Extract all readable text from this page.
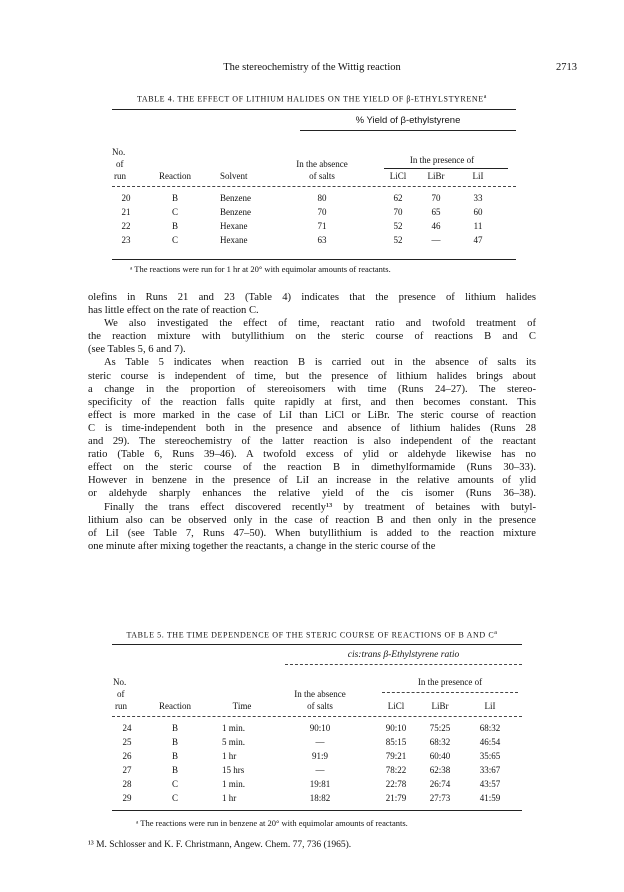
The stereochemistry of the Wittig reaction	2713
TABLE 4. THE EFFECT OF LITHIUM HALIDES ON THE YIELD OF β-ETHYLSTYRENE$^a$
% Yield of β-ethylstyrene
No.
of
run	Reaction	Solvent
In the absence
of salts
In the presence of
LiCl	LiBr	LiI
20	B	Benzene	80	62	70	33
21	C	Benzene	70	70	65	60
22	B	Hexane	71	52	46	11
23	C	Hexane	63	52	—	47
ᵃ The reactions were run for 1 hr at 20° with equimolar amounts of reactants.
olefins in Runs 21 and 23 (Table 4) indicates that the presence of lithium halides
has little effect on the rate of reaction C.
We also investigated the effect of time, reactant ratio and twofold treatment of
the reaction mixture with butyllithium on the steric course of reactions B and C
(see Tables 5, 6 and 7).
As Table 5 indicates when reaction B is carried out in the absence of salts its
steric course is independent of time, but the presence of lithium halides brings about
a change in the proportion of stereoisomers with time (Runs 24–27). The stereo-
specificity of the reaction falls quite rapidly at first, and then becomes constant. This
effect is more marked in the case of LiI than LiCl or LiBr. The steric course of reaction
C is time-independent both in the presence and absence of lithium halides (Runs 28
and 29). The stereochemistry of the latter reaction is also independent of the reactant
ratio (Table 6, Runs 39–46). A twofold excess of ylid or aldehyde likewise has no
effect on the steric course of the reaction B in dimethylformamide (Runs 30–33).
However in benzene in the presence of LiI an increase in the relative amounts of ylid
or aldehyde sharply enhances the relative yield of the cis isomer (Runs 36–38).
Finally the trans effect discovered recently¹³ by treatment of betaines with butyl-
lithium also can be observed only in the case of reaction B and then only in the presence
of LiI (see Table 7, Runs 47–50). When butyllithium is added to the reaction mixture
one minute after mixing together the reactants, a change in the steric course of the
TABLE 5. THE TIME DEPENDENCE OF THE STERIC COURSE OF REACTIONS OF B AND $C^a$
cis:trans β-Ethylstyrene ratio
No.
of
run	Reaction	Time
In the absence
of salts
In the presence of
LiCl	LiBr	LiI
24	B	1 min.	90:10	90:10	75:25	68:32
25	B	5 min.	—	85:15	68:32	46:54
26	B	1 hr	91:9	79:21	60:40	35:65
27	B	15 hrs	—	78:22	62:38	33:67
28	C	1 min.	19:81	22:78	26:74	43:57
29	C	1 hr	18:82	21:79	27:73	41:59
ᵃ The reactions were run in benzene at 20° with equimolar amounts of reactants.
¹³ M. Schlosser and K. F. Christmann, Angew. Chem. 77, 736 (1965).
